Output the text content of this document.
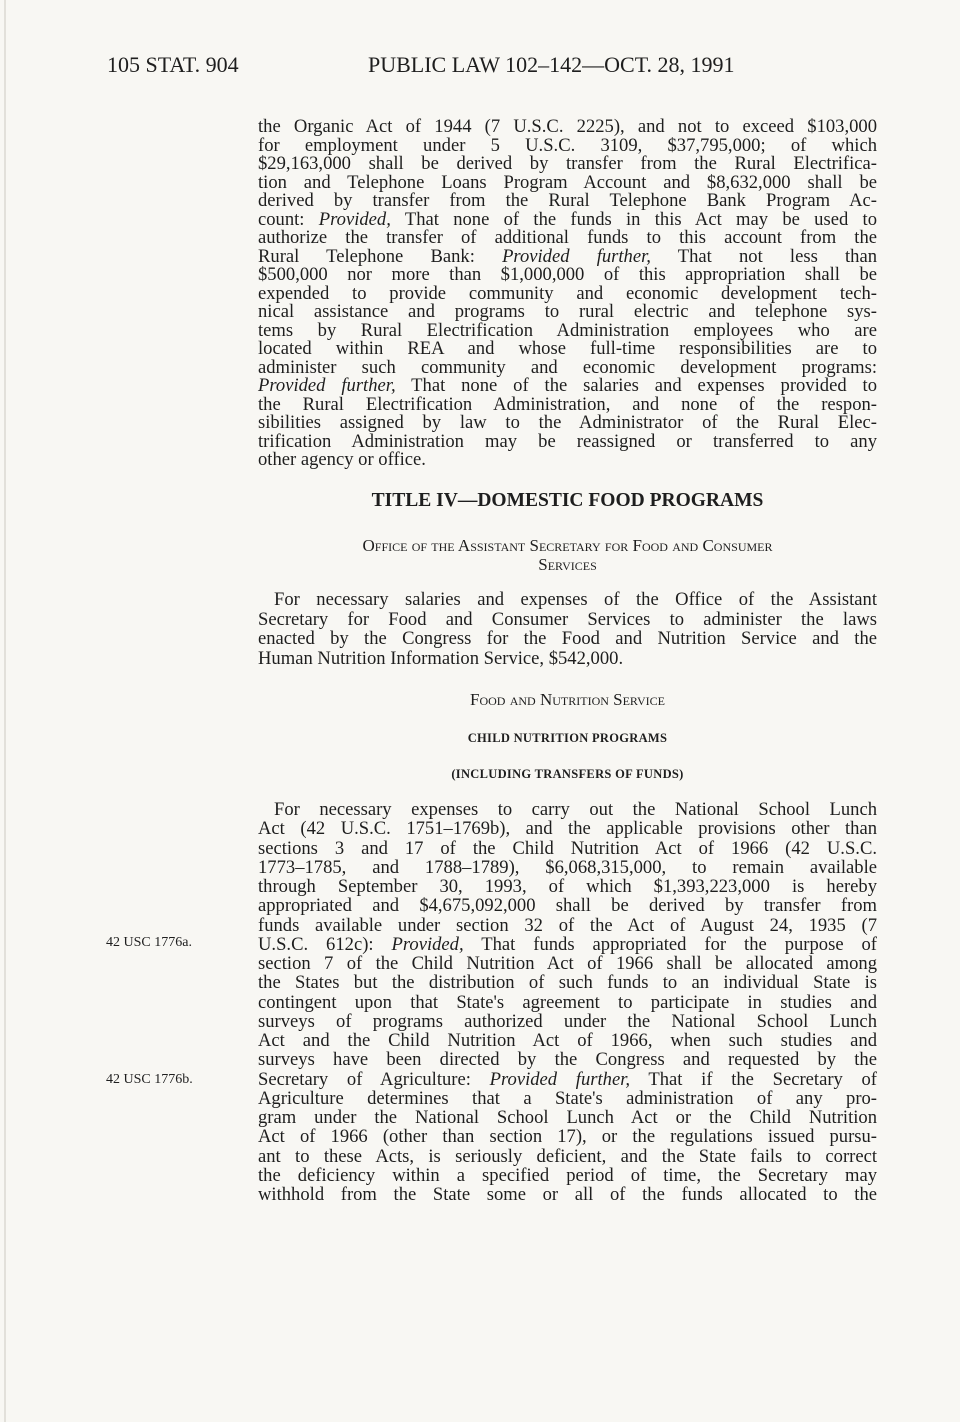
105 STAT. 904	PUBLIC LAW 102–142—OCT. 28, 1991
the Organic Act of 1944 (7 U.S.C. 2225), and not to exceed $103,000
for employment under 5 U.S.C. 3109, $37,795,000; of which
$29,163,000 shall be derived by transfer from the Rural Electrifica-
tion and Telephone Loans Program Account and $8,632,000 shall be
derived by transfer from the Rural Telephone Bank Program Ac-
count: Provided, That none of the funds in this Act may be used to
authorize the transfer of additional funds to this account from the
Rural Telephone Bank: Provided further, That not less than
$500,000 nor more than $1,000,000 of this appropriation shall be
expended to provide community and economic development tech-
nical assistance and programs to rural electric and telephone sys-
tems by Rural Electrification Administration employees who are
located within REA and whose full-time responsibilities are to
administer such community and economic development programs:
Provided further, That none of the salaries and expenses provided to
the Rural Electrification Administration, and none of the respon-
sibilities assigned by law to the Administrator of the Rural Elec-
trification Administration may be reassigned or transferred to any
other agency or office.
TITLE IV—DOMESTIC FOOD PROGRAMS
Office of the Assistant Secretary for Food and Consumer
Services
For necessary salaries and expenses of the Office of the Assistant
Secretary for Food and Consumer Services to administer the laws
enacted by the Congress for the Food and Nutrition Service and the
Human Nutrition Information Service, $542,000.
Food and Nutrition Service
CHILD NUTRITION PROGRAMS
(INCLUDING TRANSFERS OF FUNDS)
For necessary expenses to carry out the National School Lunch
Act (42 U.S.C. 1751–1769b), and the applicable provisions other than
sections 3 and 17 of the Child Nutrition Act of 1966 (42 U.S.C.
1773–1785, and 1788–1789), $6,068,315,000, to remain available
through September 30, 1993, of which $1,393,223,000 is hereby
appropriated and $4,675,092,000 shall be derived by transfer from
funds available under section 32 of the Act of August 24, 1935 (7
U.S.C. 612c): Provided, That funds appropriated for the purpose of
section 7 of the Child Nutrition Act of 1966 shall be allocated among
the States but the distribution of such funds to an individual State is
contingent upon that State's agreement to participate in studies and
surveys of programs authorized under the National School Lunch
Act and the Child Nutrition Act of 1966, when such studies and
surveys have been directed by the Congress and requested by the
Secretary of Agriculture: Provided further, That if the Secretary of
Agriculture determines that a State's administration of any pro-
gram under the National School Lunch Act or the Child Nutrition
Act of 1966 (other than section 17), or the regulations issued pursu-
ant to these Acts, is seriously deficient, and the State fails to correct
the deficiency within a specified period of time, the Secretary may
withhold from the State some or all of the funds allocated to the
42 USC 1776a.
42 USC 1776b.
